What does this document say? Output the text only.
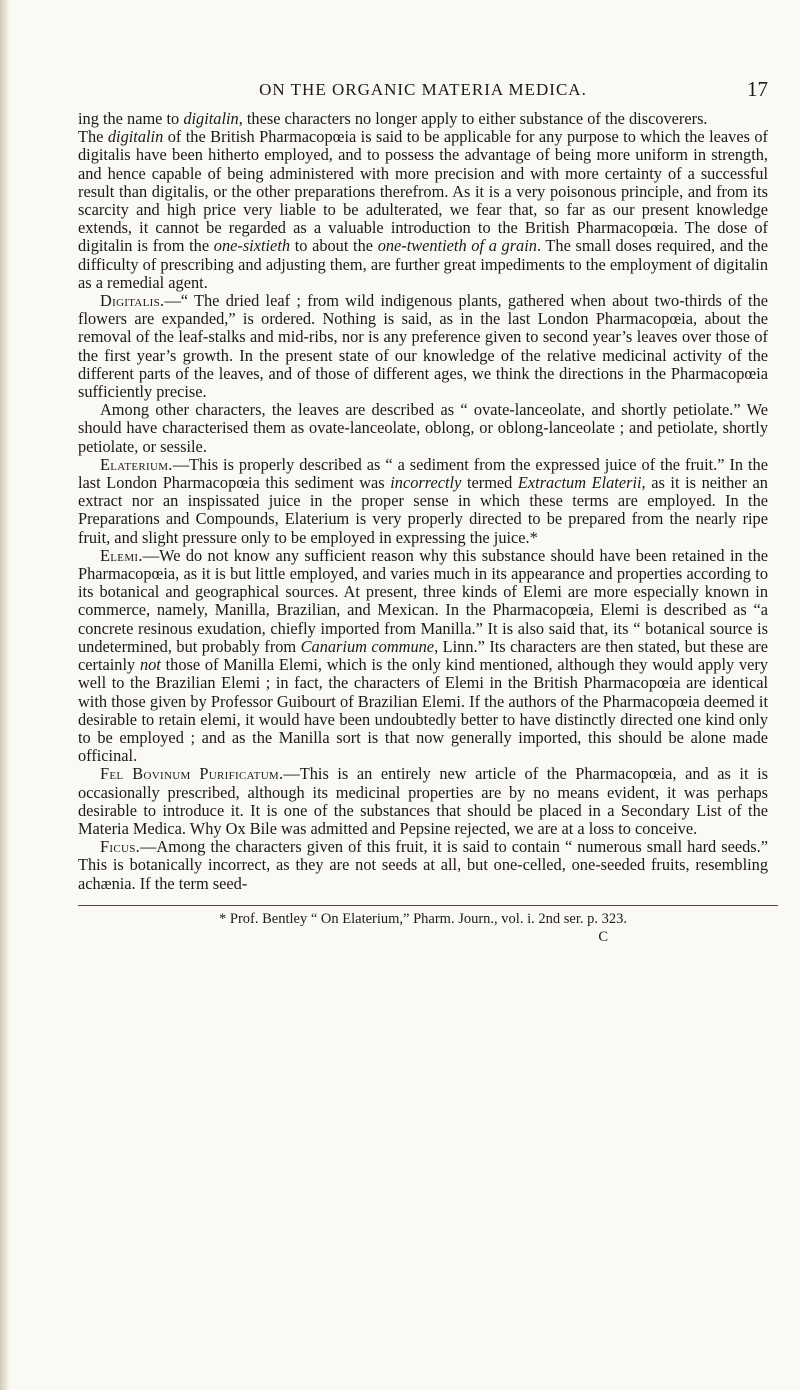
ON THE ORGANIC MATERIA MEDICA.	17

ing the name to digitalin, these characters no longer apply to either substance of the discoverers.

The digitalin of the British Pharmacopœia is said to be applicable for any purpose to which the leaves of digitalis have been hitherto employed, and to possess the advantage of being more uniform in strength, and hence capable of being administered with more precision and with more certainty of a successful result than digitalis, or the other preparations therefrom. As it is a very poisonous principle, and from its scarcity and high price very liable to be adulterated, we fear that, so far as our present knowledge extends, it cannot be regarded as a valuable introduction to the British Pharmacopœia. The dose of digitalin is from the one-sixtieth to about the one-twentieth of a grain. The small doses required, and the difficulty of prescribing and adjusting them, are further great impediments to the employment of digitalin as a remedial agent.

Digitalis.—“ The dried leaf ; from wild indigenous plants, gathered when about two-thirds of the flowers are expanded,” is ordered. Nothing is said, as in the last London Pharmacopœia, about the removal of the leaf-stalks and mid-ribs, nor is any preference given to second year’s leaves over those of the first year’s growth. In the present state of our knowledge of the relative medicinal activity of the different parts of the leaves, and of those of different ages, we think the directions in the Pharmacopœia sufficiently precise.

Among other characters, the leaves are described as “ ovate-lanceolate, and shortly petiolate.” We should have characterised them as ovate-lanceolate, oblong, or oblong-lanceolate ; and petiolate, shortly petiolate, or sessile.

Elaterium.—This is properly described as “ a sediment from the expressed juice of the fruit.” In the last London Pharmacopœia this sediment was incorrectly termed Extractum Elaterii, as it is neither an extract nor an inspissated juice in the proper sense in which these terms are employed. In the Preparations and Compounds, Elaterium is very properly directed to be prepared from the nearly ripe fruit, and slight pressure only to be employed in expressing the juice.*

Elemi.—We do not know any sufficient reason why this substance should have been retained in the Pharmacopœia, as it is but little employed, and varies much in its appearance and properties according to its botanical and geographical sources. At present, three kinds of Elemi are more especially known in commerce, namely, Manilla, Brazilian, and Mexican. In the Pharmacopœia, Elemi is described as “a concrete resinous exudation, chiefly imported from Manilla.” It is also said that, its “ botanical source is undetermined, but probably from Canarium commune, Linn.” Its characters are then stated, but these are certainly not those of Manilla Elemi, which is the only kind mentioned, although they would apply very well to the Brazilian Elemi ; in fact, the characters of Elemi in the British Pharmacopœia are identical with those given by Professor Guibourt of Brazilian Elemi. If the authors of the Pharmacopœia deemed it desirable to retain elemi, it would have been undoubtedly better to have distinctly directed one kind only to be employed ; and as the Manilla sort is that now generally imported, this should be alone made officinal.

Fel Bovinum Purificatum.—This is an entirely new article of the Pharmacopœia, and as it is occasionally prescribed, although its medicinal properties are by no means evident, it was perhaps desirable to introduce it. It is one of the substances that should be placed in a Secondary List of the Materia Medica. Why Ox Bile was admitted and Pepsine rejected, we are at a loss to conceive.

Ficus.—Among the characters given of this fruit, it is said to contain “ numerous small hard seeds.” This is botanically incorrect, as they are not seeds at all, but one-celled, one-seeded fruits, resembling achænia. If the term seed-

* Prof. Bentley “ On Elaterium,” Pharm. Journ., vol. i. 2nd ser. p. 323.
C
